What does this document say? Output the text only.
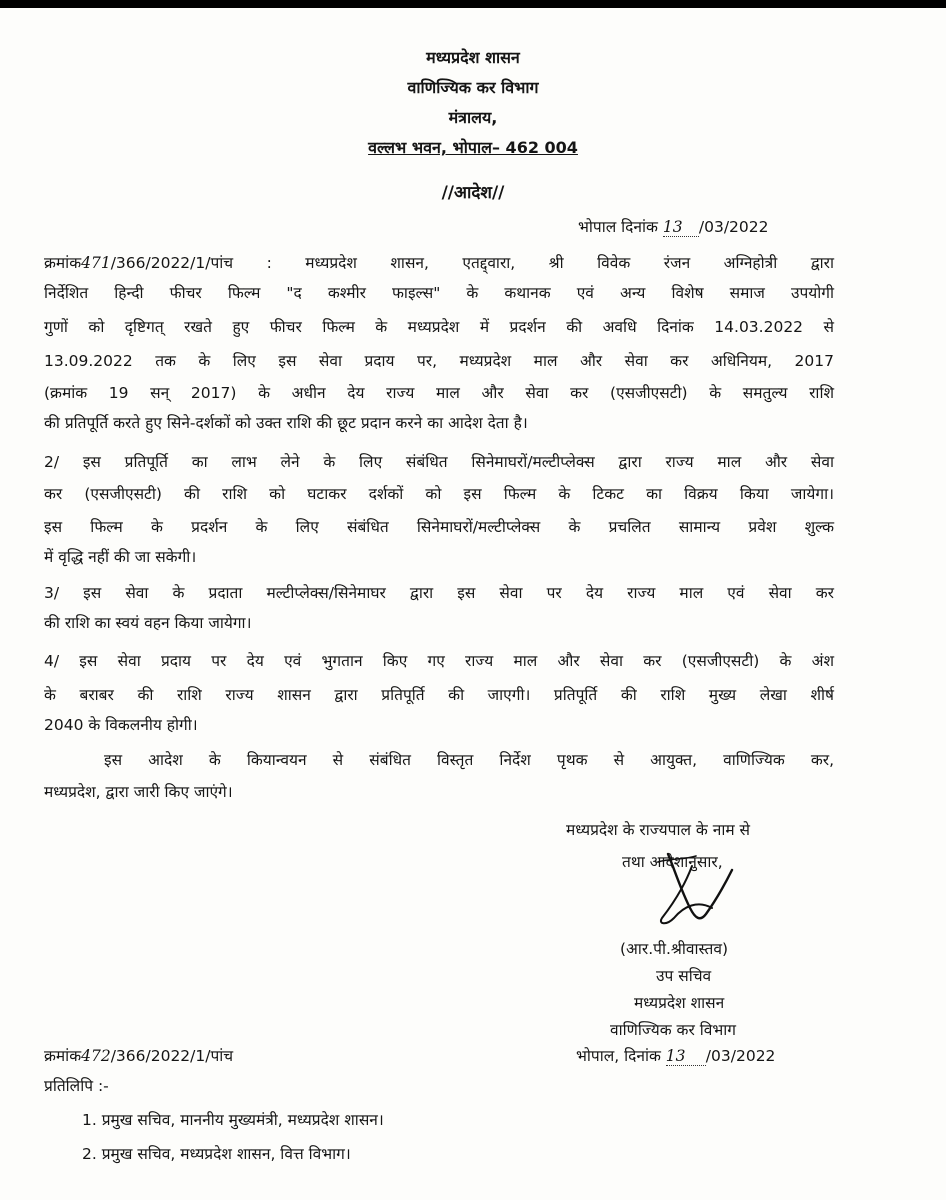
मध्यप्रदेश शासन
वाणिज्यिक कर विभाग
मंत्रालय,
वल्लभ भवन, भोपाल– 462 004
//आदेश//
भोपाल दिनांक 13 /03/2022
क्रमांक471/366/2022/1/पांच : मध्यप्रदेश शासन, एतद्द्वारा, श्री विवेक रंजन अग्निहोत्री द्वारा
निर्देशित हिन्दी फीचर फिल्म "द कश्मीर फाइल्स" के कथानक एवं अन्य विशेष समाज उपयोगी
गुणों को दृष्टिगत् रखते हुए फीचर फिल्म के मध्यप्रदेश में प्रदर्शन की अवधि दिनांक 14.03.2022 से
13.09.2022 तक के लिए इस सेवा प्रदाय पर, मध्यप्रदेश माल और सेवा कर अधिनियम, 2017
(क्रमांक 19 सन् 2017) के अधीन देय राज्य माल और सेवा कर (एसजीएसटी) के समतुल्य राशि
की प्रतिपूर्ति करते हुए सिने-दर्शकों को उक्त राशि की छूट प्रदान करने का आदेश देता है।
2/ इस प्रतिपूर्ति का लाभ लेने के लिए संबंधित सिनेमाघरों/मल्टीप्लेक्स द्वारा राज्य माल और सेवा
कर (एसजीएसटी) की राशि को घटाकर दर्शकों को इस फिल्म के टिकट का विक्रय किया जायेगा।
इस फिल्म के प्रदर्शन के लिए संबंधित सिनेमाघरों/मल्टीप्लेक्स के प्रचलित सामान्य प्रवेश शुल्क
में वृद्धि नहीं की जा सकेगी।
3/ इस सेवा के प्रदाता मल्टीप्लेक्स/सिनेमाघर द्वारा इस सेवा पर देय राज्य माल एवं सेवा कर
की राशि का स्वयं वहन किया जायेगा।
4/ इस सेवा प्रदाय पर देय एवं भुगतान किए गए राज्य माल और सेवा कर (एसजीएसटी) के अंश
के बराबर की राशि राज्य शासन द्वारा प्रतिपूर्ति की जाएगी। प्रतिपूर्ति की राशि मुख्य लेखा शीर्ष
2040 के विकलनीय होगी।
इस आदेश के कियान्वयन से संबंधित विस्तृत निर्देश पृथक से आयुक्त, वाणिज्यिक कर,
मध्यप्रदेश, द्वारा जारी किए जाएंगे।
मध्यप्रदेश के राज्यपाल के नाम से
तथा आदेशानुसार,
(आर.पी.श्रीवास्तव)
उप सचिव
मध्यप्रदेश शासन
वाणिज्यिक कर विभाग
भोपाल, दिनांक 13 /03/2022
क्रमांक472/366/2022/1/पांच
प्रतिलिपि :-
1. प्रमुख सचिव, माननीय मुख्यमंत्री, मध्यप्रदेश शासन।
2. प्रमुख सचिव, मध्यप्रदेश शासन, वित्त विभाग।
